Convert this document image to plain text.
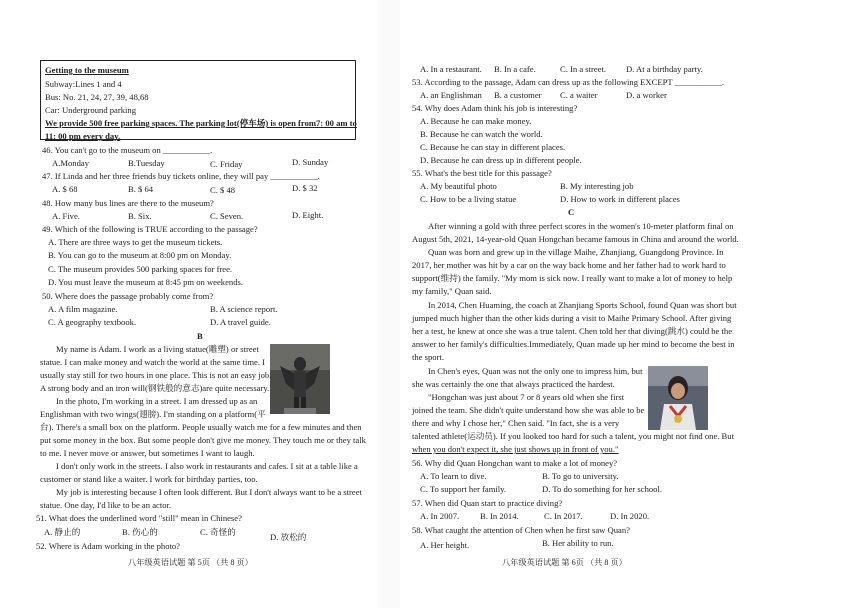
Getting to the museum
Subway:Lines 1 and 4
Bus: No. 21, 24, 27, 39, 48,68
Car: Underground parking
We provide 500 free parking spaces. The parking lot(停车场) is open from7: 00 am to
11: 00 pm every day.
46. You can't go to the museum on ___________.
A.Monday	B.Tuesday	C. Friday	D. Sunday
47. If Linda and her three friends buy tickets online, they will pay ___________.
A. $ 68	B. $ 64	C. $ 48	D. $ 32
48. How many bus lines are there to the museum?
A. Five.	B. Six.	C. Seven.	D. Eight.
49. Which of the following is TRUE according to the passage?
A. There are three ways to get the museum tickets.
B. You can go to the museum at 8:00 pm on Monday.
C. The museum provides 500 parking spaces for free.
D. You must leave the museum at 8:45 pm on weekends.
50. Where does the passage probably come from?
A. A film magazine.	B. A science report.
C. A geography textbook.	D. A travel guide.
B
My name is Adam. I work as a living statue(雕塑) or street
statue. I can make money and watch the world at the same time. I
usually stay still for two hours in one place. This is not an easy job.
A strong body and an iron will(钢铁般的意志)are quite necessary.
In the photo, I'm working in a street. I am dressed up as an
Englishman with two wings(翅膀). I'm standing on a platform(平
台). There's a small box on the platform. People usually watch me for a few minutes and then
put some money in the box. But some people don't give me money. They touch me or they talk
to me. I never move or answer, but sometimes I want to laugh.
I don't only work in the streets. I also work in restaurants and cafes. I sit at a table like a
customer or stand like a waiter. I work for birthday parties, too.
My job is interesting because I often look different. But I don't always want to be a street
statue. One day, I'd like to be an actor.
51. What does the underlined word "still" mean in Chinese?
A. 静止的	B. 伤心的	C. 奇怪的	D. 放松的
52. Where is Adam working in the photo?
八年级英语试题 第 5页 （共 8 页）
A. In a restaurant. B. In a cafe.	C. In a street. D. At a birthday party.
53. According to the passage, Adam can dress up as the following EXCEPT ___________.
A. an Englishman B. a customer C. a waiter	D. a worker
54. Why does Adam think his job is interesting?
A. Because he can make money.
B. Because he can watch the world.
C. Because he can stay in different places.
D. Because he can dress up in different people.
55. What's the best title for this passage?
A. My beautiful photo	B. My interesting job
C. How to be a living statue	D. How to work in different places
C
After winning a gold with three perfect scores in the women's 10-meter platform final on
August 5th, 2021, 14-year-old Quan Hongchan became famous in China and around the world.
Quan was born and grew up in the village Maihe, Zhanjiang, Guangdong Province. In
2017, her mother was hit by a car on the way back home and her father had to work hard to
support(维持) the family. "My mom is sick now. I really want to make a lot of money to help
my family," Quan said.
In 2014, Chen Huaming, the coach at Zhanjiang Sports School, found Quan was short but
jumped much higher than the other kids during a visit to Maihe Primary School. After giving
her a test, he knew at once she was a true talent. Chen told her that diving(跳水) could be the
answer to her family's difficulties.Immediately, Quan made up her mind to become the best in
the sport.
In Chen's eyes, Quan was not the only one to impress him, but
she was certainly the one that always practiced the hardest.
"Hongchan was just about 7 or 8 years old when she first
joined the team. She didn't quite understand how she was able to be
there and why I chose her," Chen said. "In fact, she is a very
talented athlete(运动员). If you looked too hard for such a talent, you might not find one. But
when you don't expect it, she just shows up in front of you."
56. Why did Quan Hongchan want to make a lot of money?
A. To learn to dive.	B. To go to university.
C. To support her family.	D. To do something for her school.
57. When did Quan start to practice diving?
A. In 2007. B. In 2014.	C. In 2017.	D. In 2020.
58. What caught the attention of Chen when he first saw Quan?
A. Her height.	B. Her ability to run.
八年级英语试题 第 6页 （共 8 页）
